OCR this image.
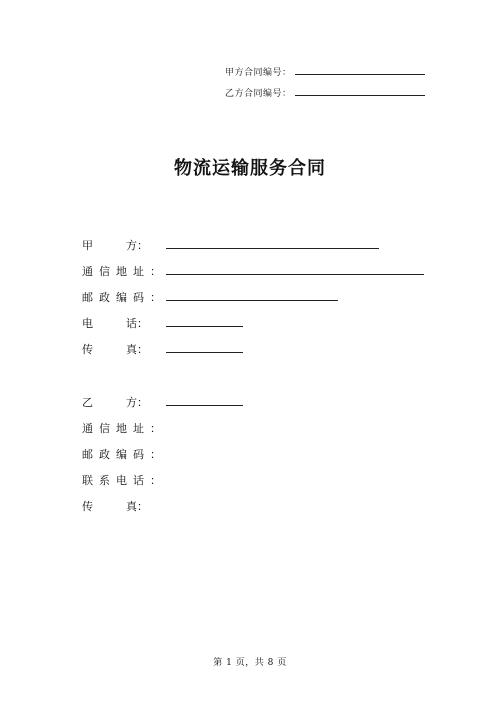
甲方合同编号：
乙方合同编号：
物流运输服务合同
甲　　　方：
通信地址：
邮政编码：
电　　　话：
传　　　真：
乙　　　方：
通信地址：
邮政编码：
联系电话：
传　　　真：
第 1 页，共 8 页
